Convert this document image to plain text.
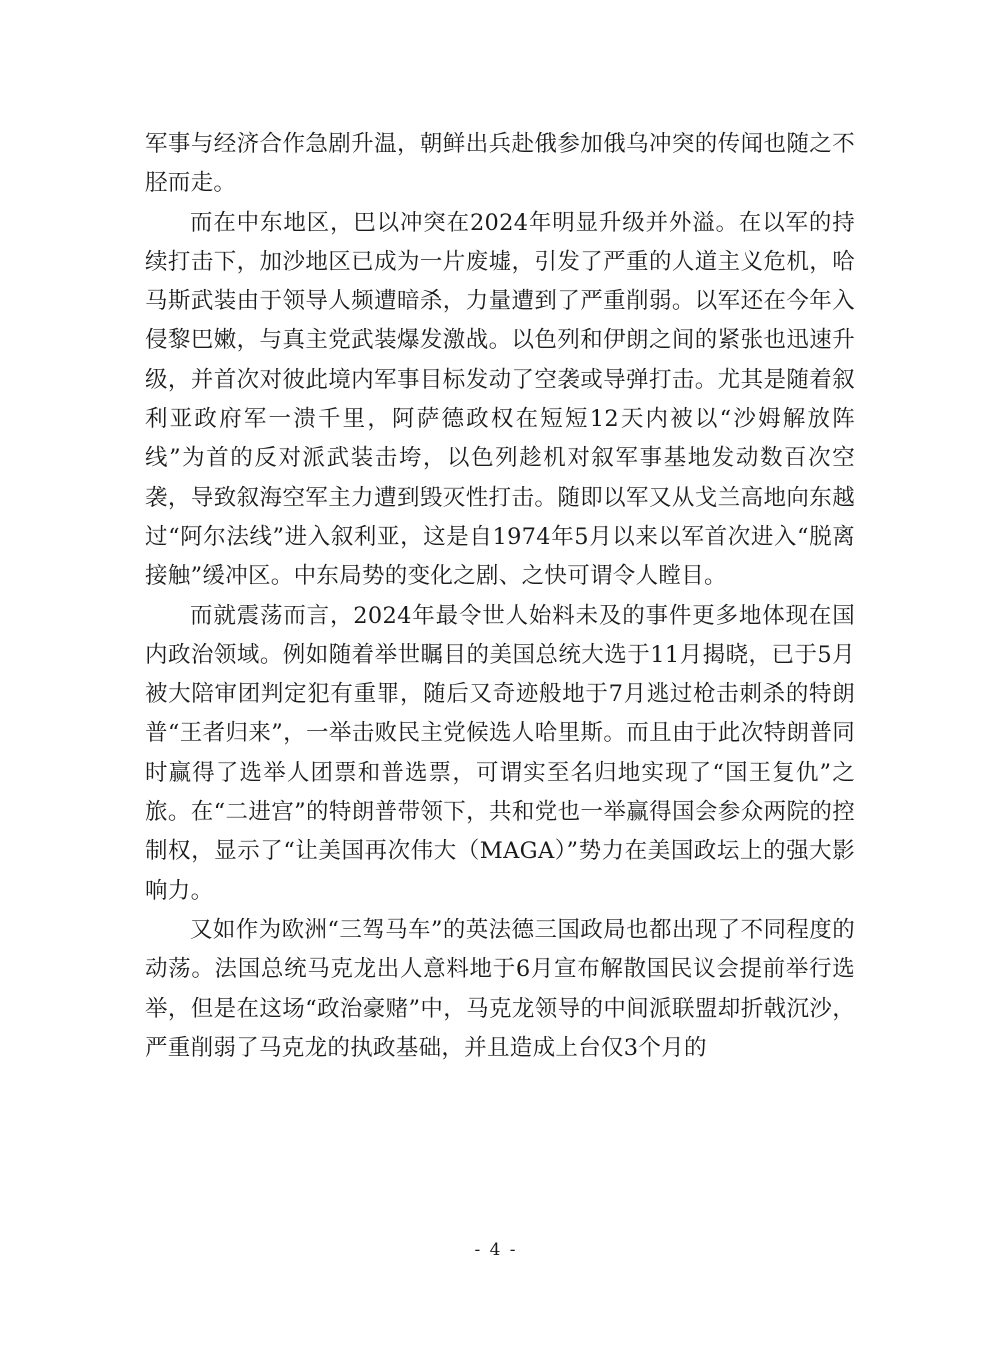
军事与经济合作急剧升温，朝鲜出兵赴俄参加俄乌冲突的传闻也随之不胫而走。

而在中东地区，巴以冲突在2024年明显升级并外溢。在以军的持续打击下，加沙地区已成为一片废墟，引发了严重的人道主义危机，哈马斯武装由于领导人频遭暗杀，力量遭到了严重削弱。以军还在今年入侵黎巴嫩，与真主党武装爆发激战。以色列和伊朗之间的紧张也迅速升级，并首次对彼此境内军事目标发动了空袭或导弹打击。尤其是随着叙利亚政府军一溃千里，阿萨德政权在短短12天内被以“沙姆解放阵线”为首的反对派武装击垮，以色列趁机对叙军事基地发动数百次空袭，导致叙海空军主力遭到毁灭性打击。随即以军又从戈兰高地向东越过“阿尔法线”进入叙利亚，这是自1974年5月以来以军首次进入“脱离接触”缓冲区。中东局势的变化之剧、之快可谓令人瞠目。

而就震荡而言，2024年最令世人始料未及的事件更多地体现在国内政治领域。例如随着举世瞩目的美国总统大选于11月揭晓，已于5月被大陪审团判定犯有重罪，随后又奇迹般地于7月逃过枪击刺杀的特朗普“王者归来”，一举击败民主党候选人哈里斯。而且由于此次特朗普同时赢得了选举人团票和普选票，可谓实至名归地实现了“国王复仇”之旅。在“二进宫”的特朗普带领下，共和党也一举赢得国会参众两院的控制权，显示了“让美国再次伟大（MAGA）”势力在美国政坛上的强大影响力。

又如作为欧洲“三驾马车”的英法德三国政局也都出现了不同程度的动荡。法国总统马克龙出人意料地于6月宣布解散国民议会提前举行选举，但是在这场“政治豪赌”中，马克龙领导的中间派联盟却折戟沉沙，严重削弱了马克龙的执政基础，并且造成上台仅3个月的

- 4 -
